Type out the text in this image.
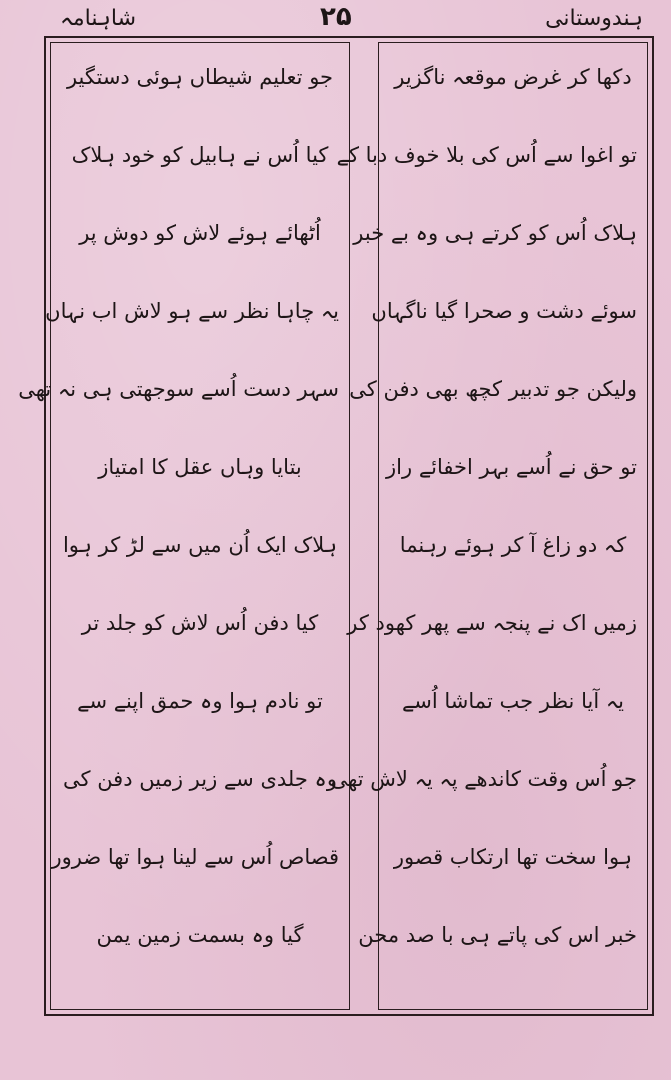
شاہنامہ	۲۵	ہندوستانی
جو تعلیم شیطاں ہوئی دستگیر
کیا اُس نے ہابیل کو خود ہلاک
اُٹھائے ہوئے لاش کو دوش پر
یہ چاہا نظر سے ہو لاش اب نہاں
سہر دست اُسے سوجھتی ہی نہ تھی
بتایا وہاں عقل کا امتیاز
ہلاک ایک اُن میں سے لڑ کر ہوا
کیا دفن اُس لاش کو جلد تر
تو نادم ہوا وہ حمق اپنے سے
وہ جلدی سے زیر زمیں دفن کی
قصاص اُس سے لینا ہوا تھا ضرور
گیا وہ بسمت زمین یمن
دکھا کر غرض موقعہ ناگزیر
تو اغوا سے اُس کی بلا خوف دبا کے
ہلاک اُس کو کرتے ہی وہ بے خبر
سوئے دشت و صحرا گیا ناگہاں
ولیکن جو تدبیر کچھ بھی دفن کی
تو حق نے اُسے بہر اخفائے راز
کہ دو زاغ آ کر ہوئے رہنما
زمیں اک نے پنجہ سے پھر کھود کر
یہ آیا نظر جب تماشا اُسے
جو اُس وقت کاندھے پہ یہ لاش تھی
ہوا سخت تھا ارتکاب قصور
خبر اس کی پاتے ہی با صد محن
